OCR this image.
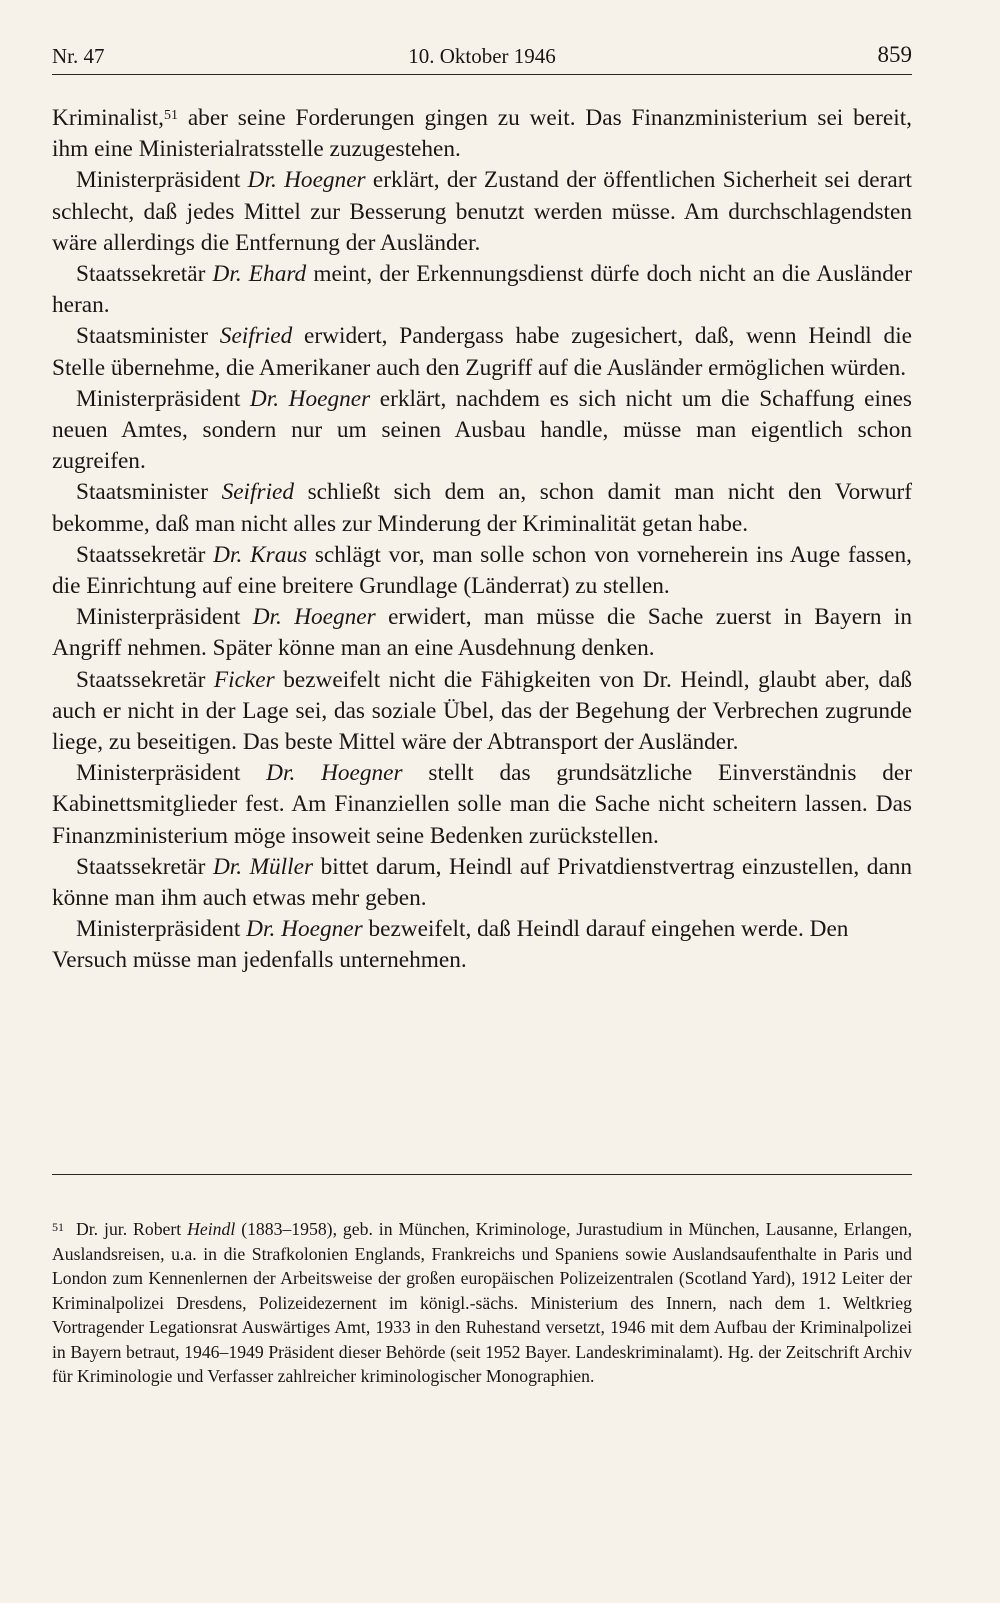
Nr. 47	10. Oktober 1946	859

Kriminalist,$^{51}$ aber seine Forderungen gingen zu weit. Das Finanzministerium sei bereit, ihm eine Ministerialratsstelle zuzugestehen.

Ministerpräsident Dr. Hoegner erklärt, der Zustand der öffentlichen Sicherheit sei derart schlecht, daß jedes Mittel zur Besserung benutzt werden müsse. Am durchschlagendsten wäre allerdings die Entfernung der Ausländer.

Staatssekretär Dr. Ehard meint, der Erkennungsdienst dürfe doch nicht an die Ausländer heran.

Staatsminister Seifried erwidert, Pandergass habe zugesichert, daß, wenn Heindl die Stelle übernehme, die Amerikaner auch den Zugriff auf die Ausländer ermöglichen würden.

Ministerpräsident Dr. Hoegner erklärt, nachdem es sich nicht um die Schaffung eines neuen Amtes, sondern nur um seinen Ausbau handle, müsse man eigentlich schon zugreifen.

Staatsminister Seifried schließt sich dem an, schon damit man nicht den Vorwurf bekomme, daß man nicht alles zur Minderung der Kriminalität getan habe.

Staatssekretär Dr. Kraus schlägt vor, man solle schon von vorneherein ins Auge fassen, die Einrichtung auf eine breitere Grundlage (Länderrat) zu stellen.

Ministerpräsident Dr. Hoegner erwidert, man müsse die Sache zuerst in Bayern in Angriff nehmen. Später könne man an eine Ausdehnung denken.

Staatssekretär Ficker bezweifelt nicht die Fähigkeiten von Dr. Heindl, glaubt aber, daß auch er nicht in der Lage sei, das soziale Übel, das der Begehung der Verbrechen zugrunde liege, zu beseitigen. Das beste Mittel wäre der Abtransport der Ausländer.

Ministerpräsident Dr. Hoegner stellt das grundsätzliche Einverständnis der Kabinettsmitglieder fest. Am Finanziellen solle man die Sache nicht scheitern lassen. Das Finanzministerium möge insoweit seine Bedenken zurückstellen.

Staatssekretär Dr. Müller bittet darum, Heindl auf Privatdienstvertrag einzustellen, dann könne man ihm auch etwas mehr geben.

Ministerpräsident Dr. Hoegner bezweifelt, daß Heindl darauf eingehen werde. Den Versuch müsse man jedenfalls unternehmen.

51 Dr. jur. Robert Heindl (1883–1958), geb. in München, Kriminologe, Jurastudium in München, Lausanne, Erlangen, Auslandsreisen, u.a. in die Strafkolonien Englands, Frankreichs und Spaniens sowie Auslandsaufenthalte in Paris und London zum Kennenlernen der Arbeitsweise der großen europäischen Polizeizentralen (Scotland Yard), 1912 Leiter der Kriminalpolizei Dresdens, Polizeidezernent im königl.-sächs. Ministerium des Innern, nach dem 1. Weltkrieg Vortragender Legationsrat Auswärtiges Amt, 1933 in den Ruhestand versetzt, 1946 mit dem Aufbau der Kriminalpolizei in Bayern betraut, 1946–1949 Präsident dieser Behörde (seit 1952 Bayer. Landeskriminalamt). Hg. der Zeitschrift Archiv für Kriminologie und Verfasser zahlreicher kriminologischer Monographien.
